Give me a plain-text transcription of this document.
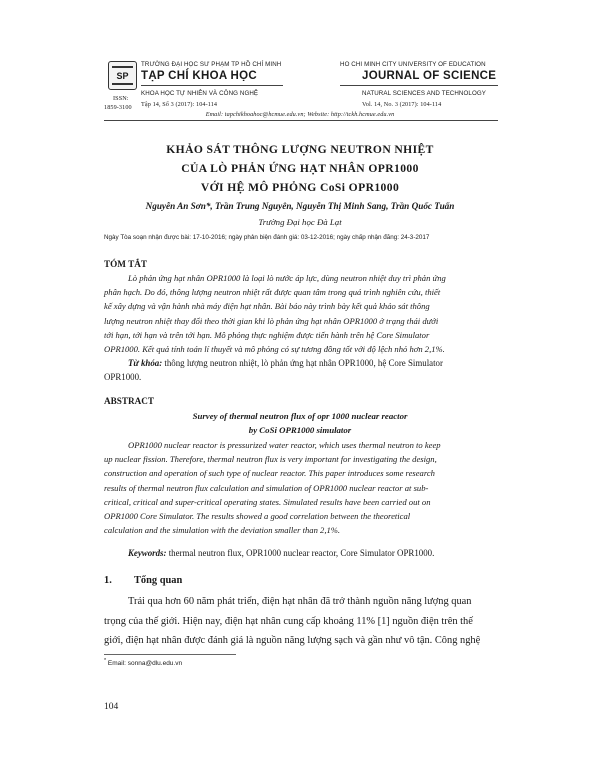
SP
ISSN:
1859-3100
TRƯỜNG ĐẠI HỌC SƯ PHẠM TP HỒ CHÍ MINH
TẠP CHÍ KHOA HỌC
KHOA HỌC TỰ NHIÊN VÀ CÔNG NGHỆ
Tập 14, Số 3 (2017): 104-114
HO CHI MINH CITY UNIVERSITY OF EDUCATION
JOURNAL OF SCIENCE
NATURAL SCIENCES AND TECHNOLOGY
Vol. 14, No. 3 (2017): 104-114
Email: tapchikhoahoc@hcmue.edu.vn; Website: http://tckh.hcmue.edu.vn
KHẢO SÁT THÔNG LƯỢNG NEUTRON NHIỆT
CỦA LÒ PHẢN ỨNG HẠT NHÂN OPR1000
VỚI HỆ MÔ PHỎNG CoSi OPR1000
Nguyễn An Sơn*, Trần Trung Nguyên, Nguyễn Thị Minh Sang, Trần Quốc Tuấn
Trường Đại học Đà Lạt
Ngày Tòa soạn nhận được bài: 17-10-2016; ngày phản biện đánh giá: 03-12-2016; ngày chấp nhận đăng: 24-3-2017
TÓM TẮT
Lò phản ứng hạt nhân OPR1000 là loại lò nước áp lực, dùng neutron nhiệt duy trì phản ứng
phân hạch. Do đó, thông lượng neutron nhiệt rất được quan tâm trong quá trình nghiên cứu, thiết
kế xây dựng và vận hành nhà máy điện hạt nhân. Bài báo này trình bày kết quả khảo sát thông
lượng neutron nhiệt thay đổi theo thời gian khi lò phản ứng hạt nhân OPR1000 ở trạng thái dưới
tới hạn, tới hạn và trên tới hạn. Mô phỏng thực nghiệm được tiến hành trên hệ Core Simulator
OPR1000. Kết quả tính toán lí thuyết và mô phỏng có sự tương đồng tốt với độ lệch nhỏ hơn 2,1%.
Từ khóa: thông lượng neutron nhiệt, lò phản ứng hạt nhân OPR1000, hệ Core Simulator
OPR1000.
ABSTRACT
Survey of thermal neutron flux of opr 1000 nuclear reactor
by CoSi OPR1000 simulator
OPR1000 nuclear reactor is pressurized water reactor, which uses thermal neutron to keep
up nuclear fission. Therefore, thermal neutron flux is very important for investigating the design,
construction and operation of such type of nuclear reactor. This paper introduces some research
results of thermal neutron flux calculation and simulation of OPR1000 nuclear reactor at sub-
critical, critical and super-critical operating states. Simulated results have been carried out on
OPR1000 Core Simulator. The results showed a good correlation between the theoretical
calculation and the simulation with the deviation smaller than 2,1%.
Keywords: thermal neutron flux, OPR1000 nuclear reactor, Core Simulator OPR1000.
1. Tổng quan
Trải qua hơn 60 năm phát triển, điện hạt nhân đã trở thành nguồn năng lượng quan
trọng của thế giới. Hiện nay, điện hạt nhân cung cấp khoảng 11% [1] nguồn điện trên thế
giới, điện hạt nhân được đánh giá là nguồn năng lượng sạch và gần như vô tận. Công nghệ
* Email: sonna@dlu.edu.vn
104
